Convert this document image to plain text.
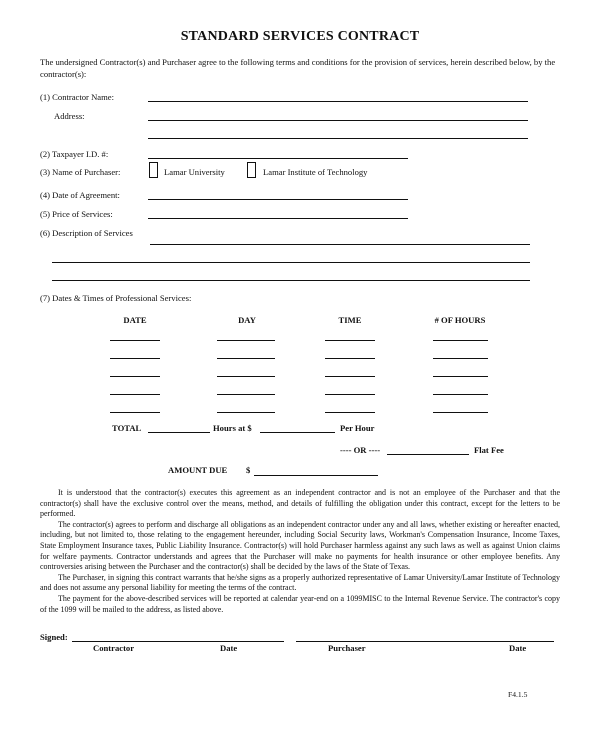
STANDARD SERVICES CONTRACT
The undersigned Contractor(s) and Purchaser agree to the following terms and conditions for the provision of services, herein described below, by the contractor(s):
(1) Contractor Name:
Address:
(2) Taxpayer I.D. #:
(3) Name of Purchaser:	Lamar University	Lamar Institute of Technology
(4) Date of Agreement:
(5) Price of Services:
(6) Description of Services
(7) Dates & Times of Professional Services:
DATE	DAY	TIME	# OF HOURS
TOTAL	Hours at $	Per Hour
---- OR ----	Flat Fee
AMOUNT DUE $

It is understood that the contractor(s) executes this agreement as an independent contractor and is not an employee of the Purchaser and that the contractor(s) shall have the exclusive control over the means, method, and details of fulfilling the obligation under this contract, except for the letters to be performed.

The contractor(s) agrees to perform and discharge all obligations as an independent contractor under any and all laws, whether existing or hereafter enacted, including, but not limited to, those relating to the engagement hereunder, including Social Security laws, Workman's Compensation Insurance, Income Taxes, State Employment Insurance taxes, Public Liability Insurance. Contractor(s) will hold Purchaser harmless against any such laws as well as against Union claims for welfare payments. Contractor understands and agrees that the Purchaser will make no payments for health insurance or other employee benefits. Any controversies arising between the Purchaser and the contractor(s) shall be decided by the laws of the State of Texas.

The Purchaser, in signing this contract warrants that he/she signs as a properly authorized representative of Lamar University/Lamar Institute of Technology and does not assume any personal liability for meeting the terms of the contract.

The payment for the above-described services will be reported at calendar year-end on a 1099MISC to the Internal Revenue Service. The contractor's copy of the 1099 will be mailed to the address, as listed above.

Signed:
Contractor	Date	Purchaser	Date
F4.1.5
